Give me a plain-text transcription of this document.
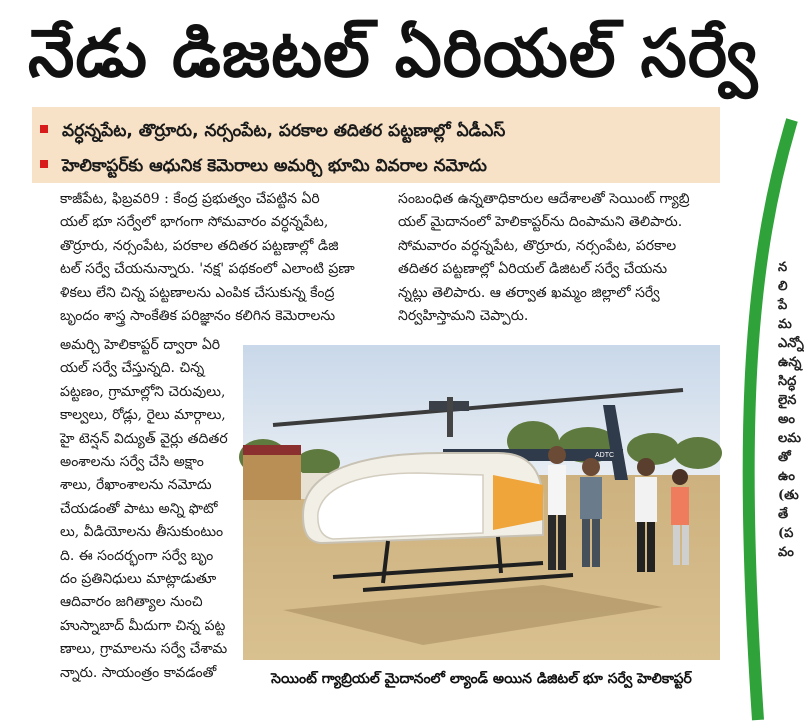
నేడు డిజటల్ ఏరియల్ సర్వే
వర్ధన్నపేట, తొర్రూరు, నర్సంపేట, పరకాల తదితర పట్టణాల్లో ఏడీఎస్
హెలికాప్టర్‌కు ఆధునిక కెమెరాలు అమర్చి భూమి వివరాల నమోదు
కాజీపేట, ఫిబ్రవరి9 : కేంద్ర ప్రభుత్వం చేపట్టిన ఏరి
యల్ భూ సర్వేలో భాగంగా సోమవారం వర్ధన్నపేట,
తొర్రూరు, నర్సంపేట, పరకాల తదితర పట్టణాల్లో డిజి
టల్ సర్వే చేయనున్నారు. 'నక్ష' పథకంలో ఎలాంటి ప్రణా
ళికలు లేని చిన్న పట్టణాలను ఎంపిక చేసుకున్న కేంద్ర
బృందం శాస్త్ర సాంకేతిక పరిజ్ఞానం కలిగిన కెమెరాలను
అమర్చి హెలికాప్టర్ ద్వారా ఏరి
యల్ సర్వే చేస్తున్నది. చిన్న
పట్టణం, గ్రామాల్లోని చెరువులు,
కాల్వలు, రోడ్లు, రైలు మార్గాలు,
హై టెన్షన్ విద్యుత్ వైర్లు తదితర
అంశాలను సర్వే చేసి అక్షాం
శాలు, రేఖాంశాలను నమోదు
చేయడంతో పాటు అన్ని ఫొటో
లు, వీడియోలను తీసుకుంటుం
ది. ఈ సందర్భంగా సర్వే బృం
దం ప్రతినిధులు మాట్లాడుతూ
ఆదివారం జగిత్యాల నుంచి
హుస్నాబాద్ మీదుగా చిన్న పట్ట
ణాలు, గ్రామాలను సర్వే చేశామ
న్నారు. సాయంత్రం కావడంతో
సంబంధిత ఉన్నతాధికారుల ఆదేశాలతో సెయింట్ గ్యాబ్రి
యల్ మైదానంలో హెలికాప్టర్‌ను దింపామని తెలిపారు.
సోమవారం వర్ధన్నపేట, తొర్రూరు, నర్సంపేట, పరకాల
తదితర పట్టణాల్లో ఏరియల్ డిజిటల్ సర్వే చేయను
న్నట్లు తెలిపారు. ఆ తర్వాత ఖమ్మం జిల్లాలో సర్వే
నిర్వహిస్తామని చెప్పారు.
ADTC
సెయింట్ గ్యాబ్రియల్ మైదానంలో ల్యాండ్ అయిన డిజిటల్ భూ సర్వే హెలికాప్టర్
న
లి
పే
మ
ఎన్నో
ఉన్న
సిద్ధ
లైన
అం
లమ
తో
ఉం
(తు
తే
(ప
వం
